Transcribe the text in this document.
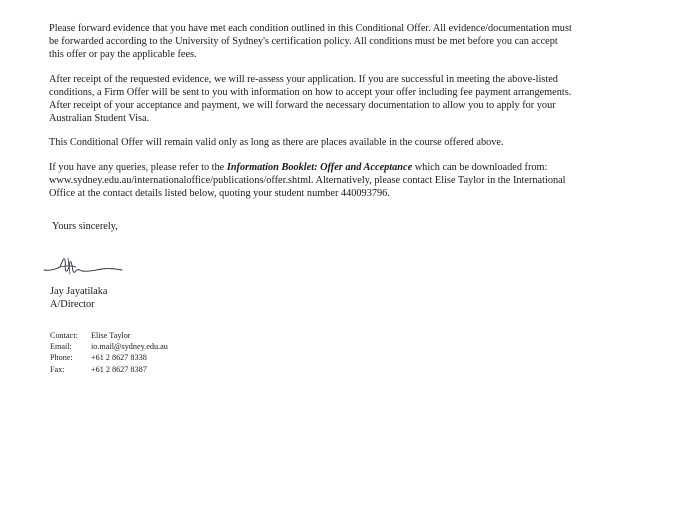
Please forward evidence that you have met each condition outlined in this Conditional Offer. All evidence/documentation must
be forwarded according to the University of Sydney's certification policy. All conditions must be met before you can accept
this offer or pay the applicable fees.

After receipt of the requested evidence, we will re-assess your application. If you are successful in meeting the above-listed
conditions, a Firm Offer will be sent to you with information on how to accept your offer including fee payment arrangements.
After receipt of your acceptance and payment, we will forward the necessary documentation to allow you to apply for your
Australian Student Visa.

This Conditional Offer will remain valid only as long as there are places available in the course offered above.

If you have any queries, please refer to the Information Booklet: Offer and Acceptance which can be downloaded from:
www.sydney.edu.au/internationaloffice/publications/offer.shtml. Alternatively, please contact Elise Taylor in the International
Office at the contact details listed below, quoting your student number 440093796.

Yours sincerely,
Jay Jayatilaka
A/Director
Contact:	Elise Taylor
Email:	io.mail@sydney.edu.au
Phone:	+61 2 8627 8338
Fax:	+61 2 8627 8387
